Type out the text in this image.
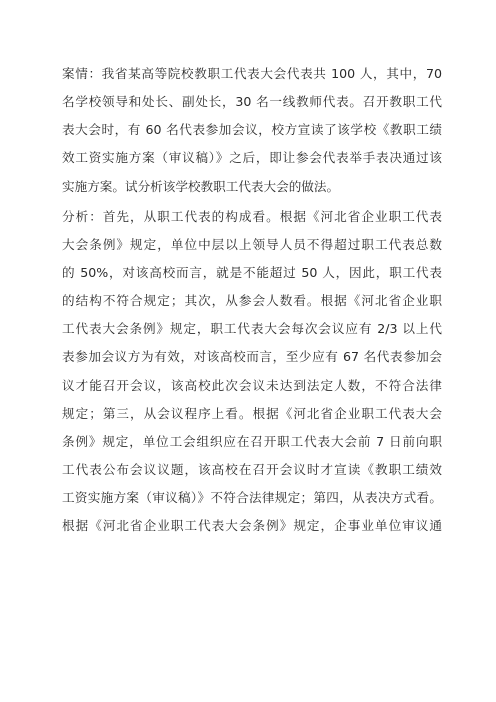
案情：我省某高等院校教职工代表大会代表共 100 人，其中，70
名学校领导和处长、副处长，30 名一线教师代表。召开教职工代
表大会时，有 60 名代表参加会议，校方宣读了该学校《教职工绩
效工资实施方案（审议稿）》之后，即让参会代表举手表决通过该
实施方案。试分析该学校教职工代表大会的做法。
分析：首先，从职工代表的构成看。根据《河北省企业职工代表
大会条例》规定，单位中层以上领导人员不得超过职工代表总数
的 50%，对该高校而言，就是不能超过 50 人，因此，职工代表
的结构不符合规定；其次，从参会人数看。根据《河北省企业职
工代表大会条例》规定，职工代表大会每次会议应有 2/3 以上代
表参加会议方为有效，对该高校而言，至少应有 67 名代表参加会
议才能召开会议，该高校此次会议未达到法定人数，不符合法律
规定；第三，从会议程序上看。根据《河北省企业职工代表大会
条例》规定，单位工会组织应在召开职工代表大会前 7 日前向职
工代表公布会议议题，该高校在召开会议时才宣读《教职工绩效
工资实施方案（审议稿）》不符合法律规定；第四，从表决方式看。
根据《河北省企业职工代表大会条例》规定，企事业单位审议通
